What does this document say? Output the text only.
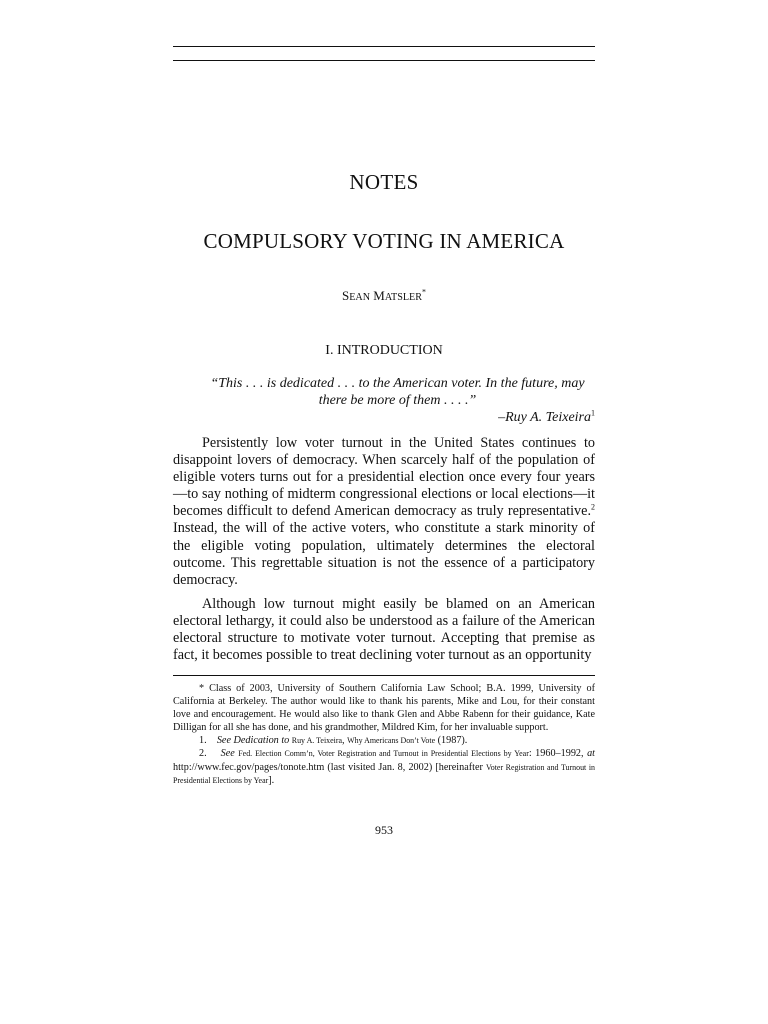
NOTES
COMPULSORY VOTING IN AMERICA
SEAN MATSLER*
I. INTRODUCTION
“This . . . is dedicated . . . to the American voter. In the future, may there be more of them . . . .”
–Ruy A. Teixeira$^1$

Persistently low voter turnout in the United States continues to disappoint lovers of democracy. When scarcely half of the population of eligible voters turns out for a presidential election once every four years—to say nothing of midterm congressional elections or local elections—it becomes difficult to defend American democracy as truly representative.$^2$ Instead, the will of the active voters, who constitute a stark minority of the eligible voting population, ultimately determines the electoral outcome. This regrettable situation is not the essence of a participatory democracy.

Although low turnout might easily be blamed on an American electoral lethargy, it could also be understood as a failure of the American electoral structure to motivate voter turnout. Accepting that premise as fact, it becomes possible to treat declining voter turnout as an opportunity

* Class of 2003, University of Southern California Law School; B.A. 1999, University of California at Berkeley. The author would like to thank his parents, Mike and Lou, for their constant love and encouragement. He would also like to thank Glen and Abbe Rabenn for their guidance, Kate Dilligan for all she has done, and his grandmother, Mildred Kim, for her invaluable support.

1. See Dedication to Ruy A. Teixeira, Why Americans Don’t Vote (1987).

2. See Fed. Election Comm’n, Voter Registration and Turnout in Presidential Elections by Year: 1960–1992, at http://www.fec.gov/pages/tonote.htm (last visited Jan. 8, 2002) [hereinafter Voter Registration and Turnout in Presidential Elections by Year].

953
